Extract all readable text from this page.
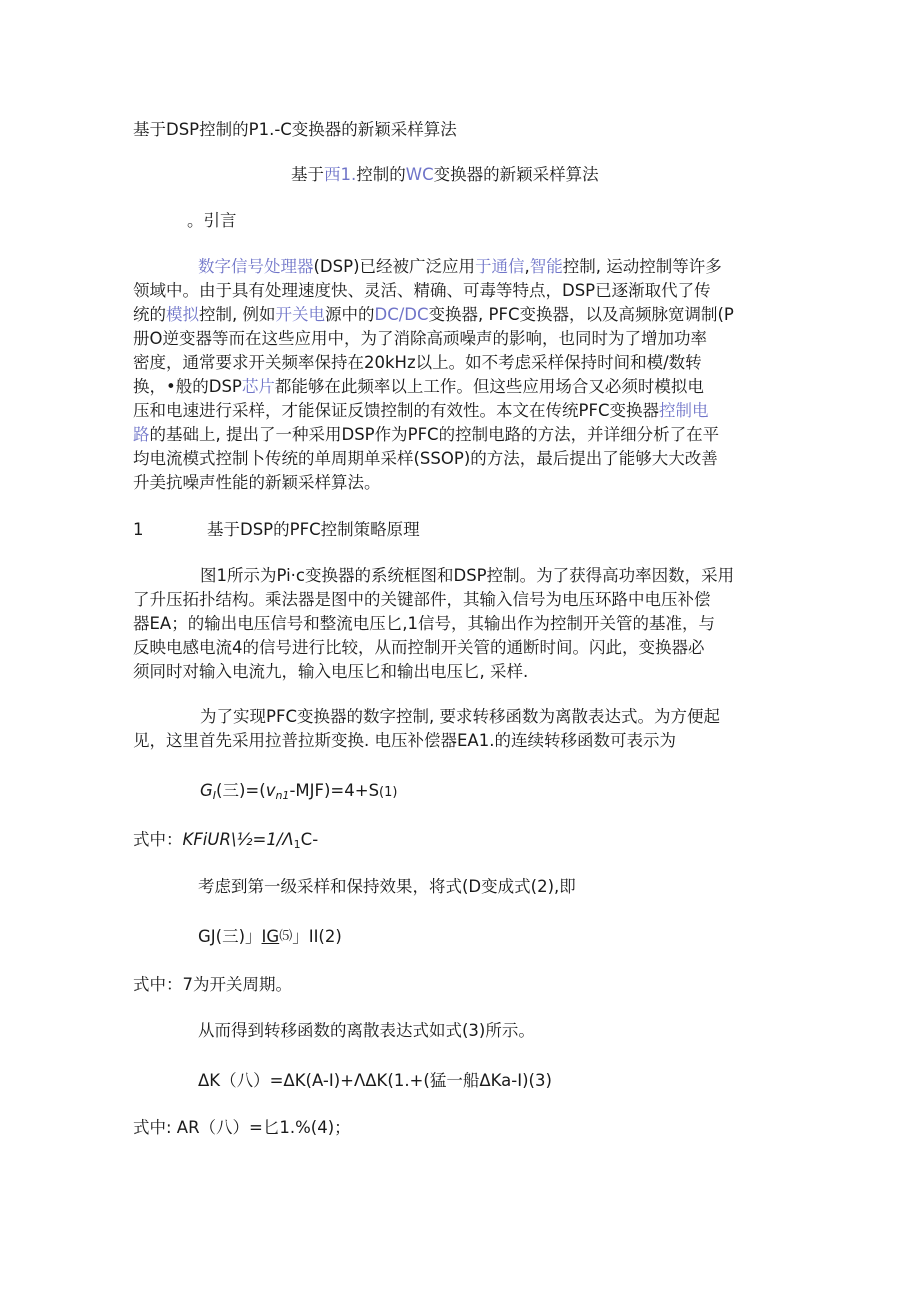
基于DSP控制的P1.-C变换器的新颖采样算法
基于西1.控制的WC变换器的新颖采样算法
。引言
数字信号处理器(DSP)已经被广泛应用于通信,智能控制, 运动控制等许多
领域中。由于具有处理速度快、灵活、精确、可毒等特点，DSP已逐渐取代了传
统的模拟控制, 例如开关电源中的DC/DC变换器, PFC变换器，以及高频脉宽调制(P
册O逆变器等而在这些应用中，为了消除高顽噪声的影响，也同时为了增加功率
密度，通常要求开关频率保持在20kHz以上。如不考虑采样保持时间和模/数转
换，•般的DSP芯片都能够在此频率以上工作。但这些应用场合又必须时模拟电
压和电速进行采样，才能保证反馈控制的有效性。本文在传统PFC变换器控制电
路的基础上, 提出了一种采用DSP作为PFC的控制电路的方法，并详细分析了在平
均电流模式控制卜传统的单周期单采样(SSOP)的方法，最后提出了能够大大改善
升美抗噪声性能的新颖采样算法。
1	基于DSP的PFC控制策略原理
图1所示为Pi·c变换器的系统框图和DSP控制。为了获得高功率因数，采用
了升压拓扑结构。乘法器是图中的关键部件，其输入信号为电压环路中电压补偿
器EA；的输出电压信号和整流电压匕,1信号，其输出作为控制开关管的基准，与
反映电感电流4的信号进行比较，从而控制开关管的通断时间。闪此，变换器必
须同时对输入电流九，输入电压匕和输出电压匕, 采样.
为了实现PFC变换器的数字控制, 要求转移函数为离散表达式。为方便起
见，这里首先采用拉普拉斯变换. 电压补偿器EA1.的连续转移函数可表示为
$G_I$(三)$=(v_{n1}-MJF)=4+S(1)$
式中：$KFiUR\backslash\frac{1}{2}=1/\Lambda_1C-$
考虑到第一级采样和保持效果，将式(D变成式(2),即
GJ(三)」IG⑸」II(2)
式中：7为开关周期。
从而得到转移函数的离散表达式如式(3)所示。
ΔK（八）=ΔK(A-I)+ΛΔK(1.+(猛一船ΔKa-I)(3)
式中: AR（八）=匕1.%(4)；
